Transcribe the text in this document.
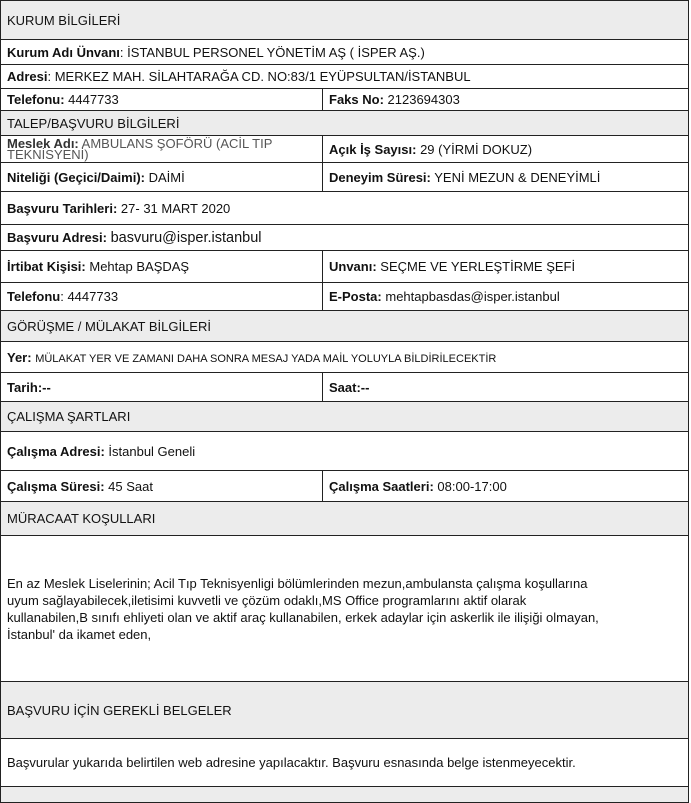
KURUM BİLGİLERİ	
Kurum Adı Ünvanı: İSTANBUL PERSONEL YÖNETİM AŞ ( İSPER AŞ.)	
Adresi: MERKEZ MAH. SİLAHTARAĞA CD. NO:83/1 EYÜPSULTAN/İSTANBUL	
Telefonu: 4447733	Faks No: 2123694303
TALEP/BAŞVURU BİLGİLERİ	

Meslek Adı: AMBULANS ŞOFÖRÜ (ACİL TIP
TEKNİSYENİ)	Açık İş Sayısı: 29 (YİRMİ DOKUZ)
Niteliği (Geçici/Daimi): DAİMİ	Deneyim Süresi: YENİ MEZUN & DENEYİMLİ
Başvuru Tarihleri: 27- 31 MART 2020	
Başvuru Adresi: basvuru@isper.istanbul	
İrtibat Kişisi: Mehtap BAŞDAŞ	Unvanı: SEÇME VE YERLEŞTİRME ŞEFİ
Telefonu: 4447733	E-Posta: mehtapbasdas@isper.istanbul
GÖRÜŞME / MÜLAKAT BİLGİLERİ	
Yer: MÜLAKAT YER VE ZAMANI DAHA SONRA MESAJ YADA MAİL YOLUYLA BİLDİRİLECEKTİR	
Tarih:--	Saat:--
ÇALIŞMA ŞARTLARI	
Çalışma Adresi: İstanbul Geneli	
Çalışma Süresi: 45 Saat	Çalışma Saatleri: 08:00-17:00
MÜRACAAT KOŞULLARI	

En az Meslek Liselerinin; Acil Tıp Teknisyenligi bölümlerinden mezun,ambulansta çalışma koşullarına
uyum sağlayabilecek,iletisimi kuvvetli ve çözüm odaklı,MS Office programlarını aktif olarak
kullanabilen,B sınıfı ehliyeti olan ve aktif araç kullanabilen, erkek adaylar için askerlik ile ilişiği olmayan,
İstanbul' da ikamet eden,	

BAŞVURU İÇİN GEREKLİ BELGELER	
Başvurular yukarıda belirtilen web adresine yapılacaktır. Başvuru esnasında belge istenmeyecektir.	
